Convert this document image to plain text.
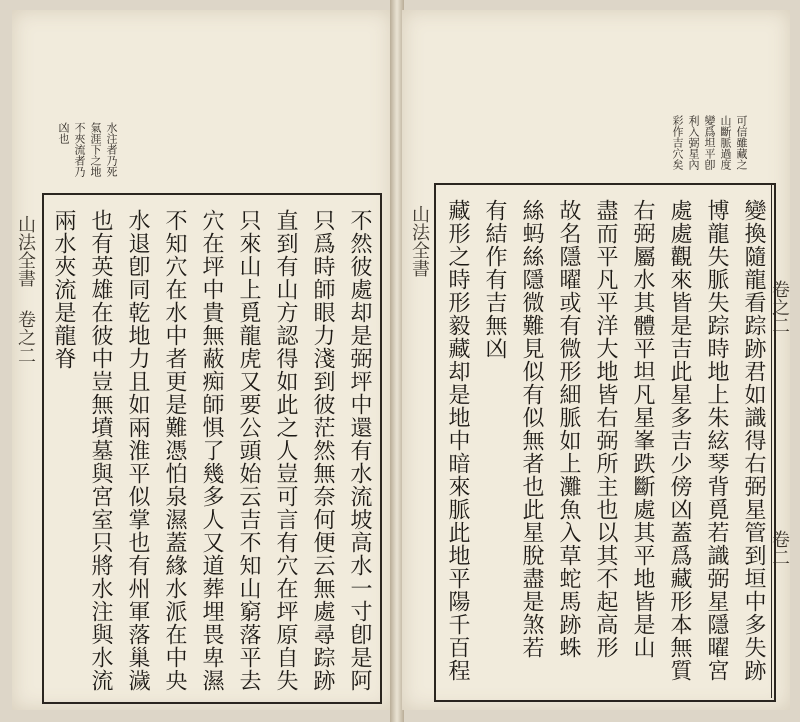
山法全書
卷之二
水注者乃死
氣涯下之地
不夾流者乃
凶也
不然彼處却是弼坪中還有水流坡高水一寸卽是阿
只爲時師眼力淺到彼茫然無奈何便云無處尋踪跡
直到有山方認得如此之人豈可言有穴在坪原自失
只來山上覓龍虎又要公頭始云吉不知山窮落平去
穴在坪中貴無蔽痴師惧了幾多人又道葬埋畏卑濕
不知穴在水中者更是難憑怕泉濕蓋緣水派在中央
水退卽同乾地力且如兩淮平似掌也有州軍落巢濊
也有英雄在彼中豈無墳墓與宮室只將水注與水流
兩水夾流是龍脊
可信雖藏之
山斷脈過度
變爲坦平卽
利入弼星內
彩作吉穴矣
山法全書
卷之二
卷二
變換隨龍看踪跡君如識得右弼星管到垣中多失跡
博龍失脈失踪時地上朱絃琴背覓若識弼星隱曜宮
處處觀來皆是吉此星多吉少傍凶蓋爲藏形本無質
右弼屬水其體平坦凡星峯跌斷處其平地皆是山
盡而平凡平洋大地皆右弼所主也以其不起高形
故名隱曜或有微形細脈如上灘魚入草蛇馬跡蛛
絲蚂絲隱微難見似有似無者也此星脫盡是煞若
有結作有吉無凶
藏形之時形毅藏却是地中暗來脈此地平陽千百程
